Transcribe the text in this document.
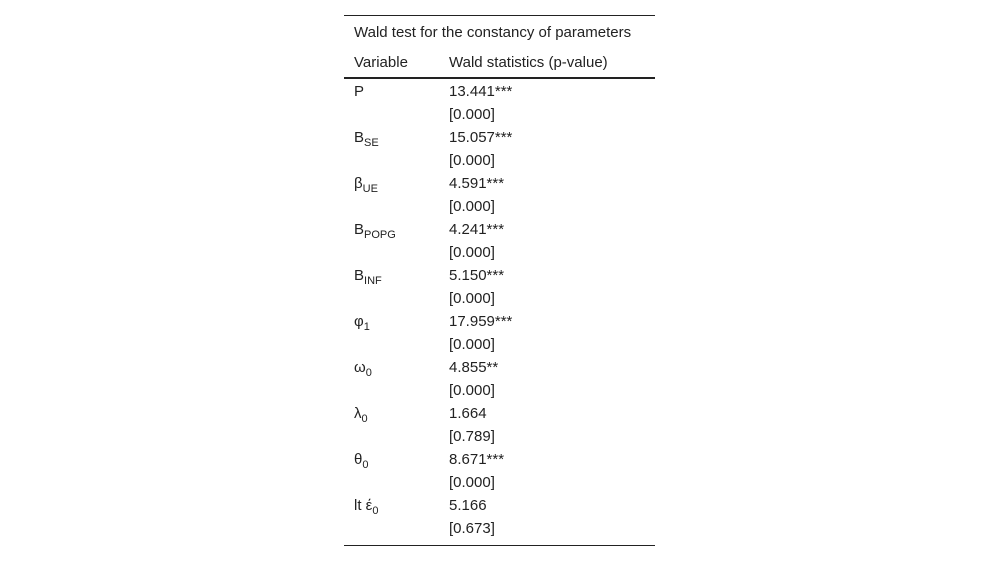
Wald test for the constancy of parameters	
Variable	Wald statistics (p-value)
P	13.441***
	[0.000]
$B_{SE}$	15.057***
	[0.000]
$\beta_{UE}$	4.591***
	[0.000]
$B_{POPG}$	4.241***
	[0.000]
$B_{INF}$	5.150***
	[0.000]
$\varphi_1$	17.959***
	[0.000]
$\omega_0$	4.855**
	[0.000]
$\lambda_0$	1.664
	[0.789]
$\theta_0$	8.671***
	[0.000]
lt $έ_0$	5.166
	[0.673]
